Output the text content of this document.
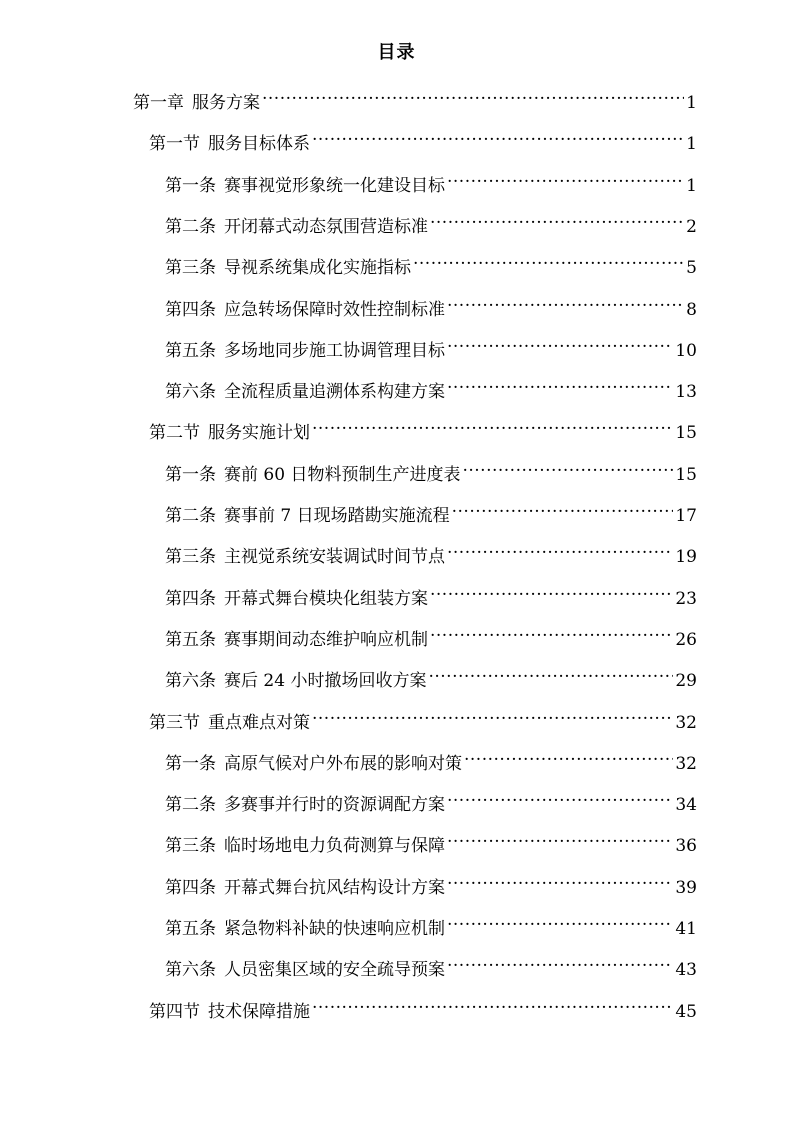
目录
第一章 服务方案 .....	1
第一节 服务目标体系 .....	1
第一条 赛事视觉形象统一化建设目标 .....	1
第二条 开闭幕式动态氛围营造标准 .....	2
第三条 导视系统集成化实施指标 .....	5
第四条 应急转场保障时效性控制标准 .....	8
第五条 多场地同步施工协调管理目标 .....	10
第六条 全流程质量追溯体系构建方案 .....	13
第二节 服务实施计划 .....	15
第一条 赛前 60 日物料预制生产进度表 .....	15
第二条 赛事前 7 日现场踏勘实施流程 .....	17
第三条 主视觉系统安装调试时间节点 .....	19
第四条 开幕式舞台模块化组装方案 .....	23
第五条 赛事期间动态维护响应机制 .....	26
第六条 赛后 24 小时撤场回收方案 .....	29
第三节 重点难点对策 .....	32
第一条 高原气候对户外布展的影响对策 .....	32
第二条 多赛事并行时的资源调配方案 .....	34
第三条 临时场地电力负荷测算与保障 .....	36
第四条 开幕式舞台抗风结构设计方案 .....	39
第五条 紧急物料补缺的快速响应机制 .....	41
第六条 人员密集区域的安全疏导预案 .....	43
第四节 技术保障措施 .....	45
